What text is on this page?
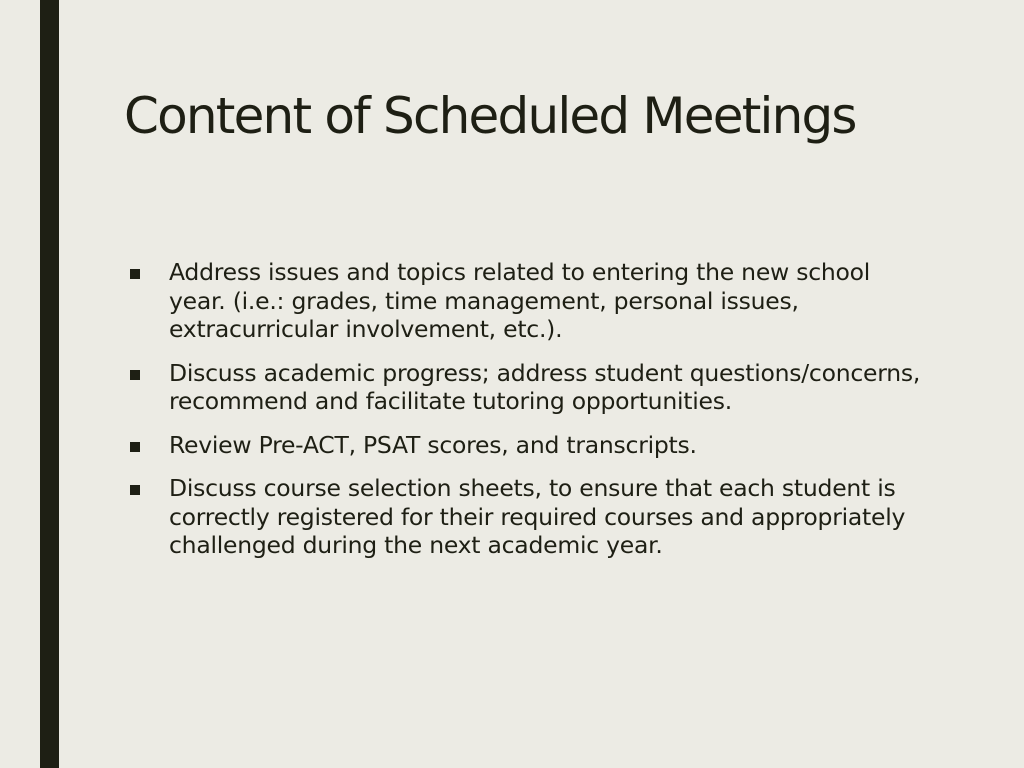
Content of Scheduled Meetings
Address issues and topics related to entering the new school year. (i.e.: grades, time management, personal issues, extracurricular involvement, etc.).
Discuss academic progress; address student questions/concerns, recommend and facilitate tutoring opportunities.
Review Pre-ACT, PSAT scores, and transcripts.
Discuss course selection sheets, to ensure that each student is correctly registered for their required courses and appropriately challenged during the next academic year.
